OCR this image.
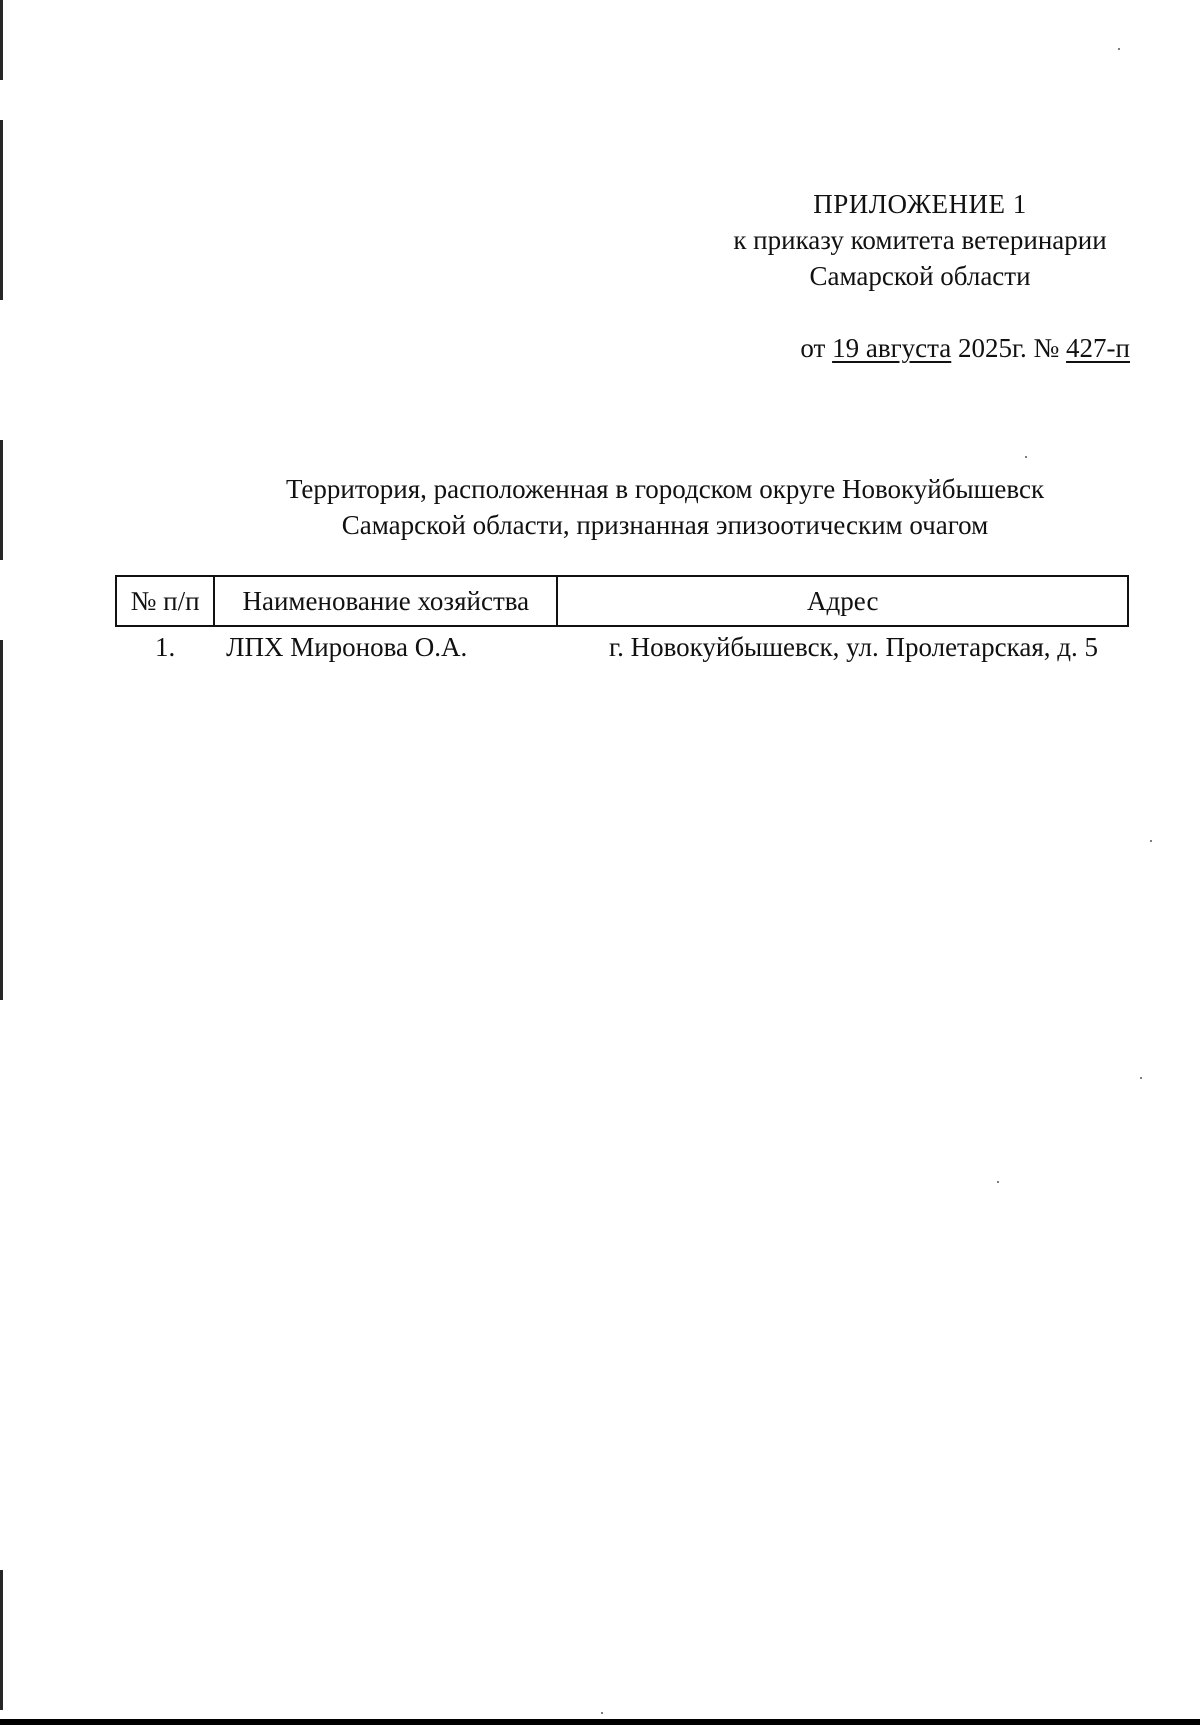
ПРИЛОЖЕНИЕ 1
к приказу комитета ветеринарии
Самарской области
от 19 августа 2025г. № 427-п
Территория, расположенная в городском округе Новокуйбышевск
Самарской области, признанная эпизоотическим очагом
№ п/п	Наименование хозяйства	Адрес
1.	ЛПХ Миронова О.А.	г. Новокуйбышевск, ул. Пролетарская, д. 5
